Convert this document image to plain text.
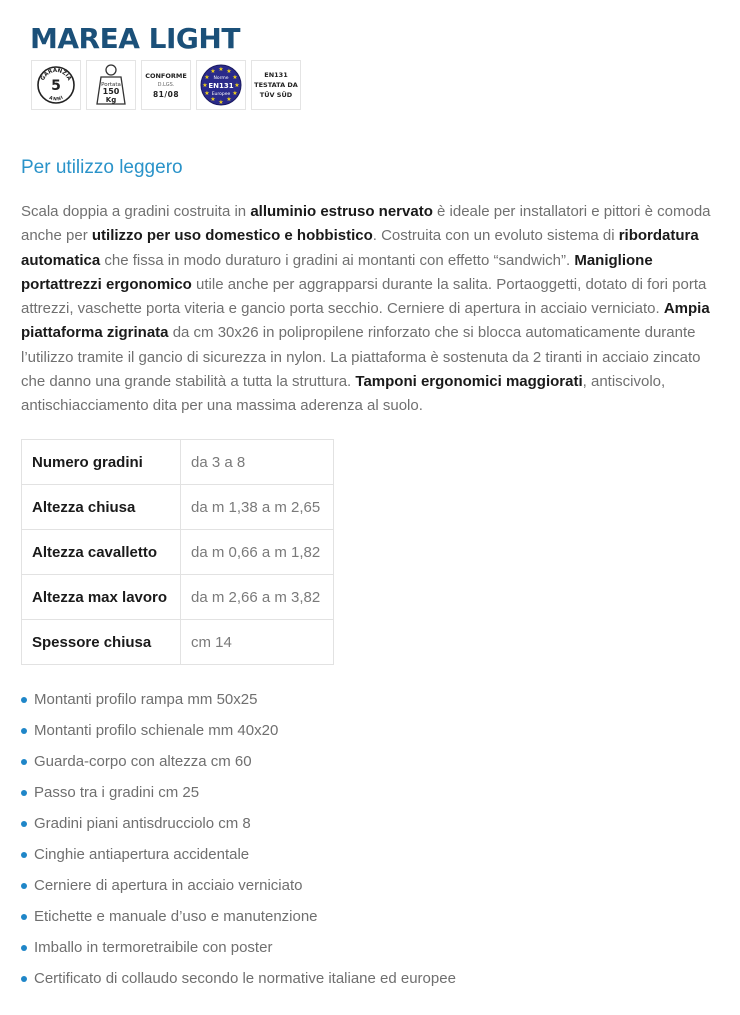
MAREA LIGHT
GARANZIA
5
ANNI
Portata
150
Kg
CONFORME
D.LGS.
81/08
★ ★
★
★
★
★
★
★
★
★
★
★
Norme
EN131
Europee
EN131
TESTATA DA
TÜV SÜD
Per utilizzo leggero

Scala doppia a gradini costruita in alluminio estruso nervato è ideale per installatori e pittori è comoda anche per utilizzo per uso domestico e hobbistico. Costruita con un evoluto sistema di ribordatura automatica che fissa in modo duraturo i gradini ai montanti con effetto “sandwich”. Maniglione portattrezzi ergonomico utile anche per aggrapparsi durante la salita. Portaoggetti, dotato di fori porta attrezzi, vaschette porta viteria e gancio porta secchio. Cerniere di apertura in acciaio verniciato. Ampia piattaforma zigrinata da cm 30x26 in polipropilene rinforzato che si blocca automaticamente durante l’utilizzo tramite il gancio di sicurezza in nylon. La piattaforma è sostenuta da 2 tiranti in acciaio zincato che danno una grande stabilità a tutta la struttura. Tamponi ergonomici maggiorati, antiscivolo, antischiacciamento dita per una massima aderenza al suolo.

Numero gradini	da 3 a 8
Altezza chiusa	da m 1,38 a m 2,65
Altezza cavalletto	da m 0,66 a m 1,82
Altezza max lavoro	da m 2,66 a m 3,82
Spessore chiusa	cm 14
Montanti profilo rampa mm 50x25
Montanti profilo schienale mm 40x20
Guarda-corpo con altezza cm 60
Passo tra i gradini cm 25
Gradini piani antisdrucciolo cm 8
Cinghie antiapertura accidentale
Cerniere di apertura in acciaio verniciato
Etichette e manuale d’uso e manutenzione
Imballo in termoretraibile con poster
Certificato di collaudo secondo le normative italiane ed europee
